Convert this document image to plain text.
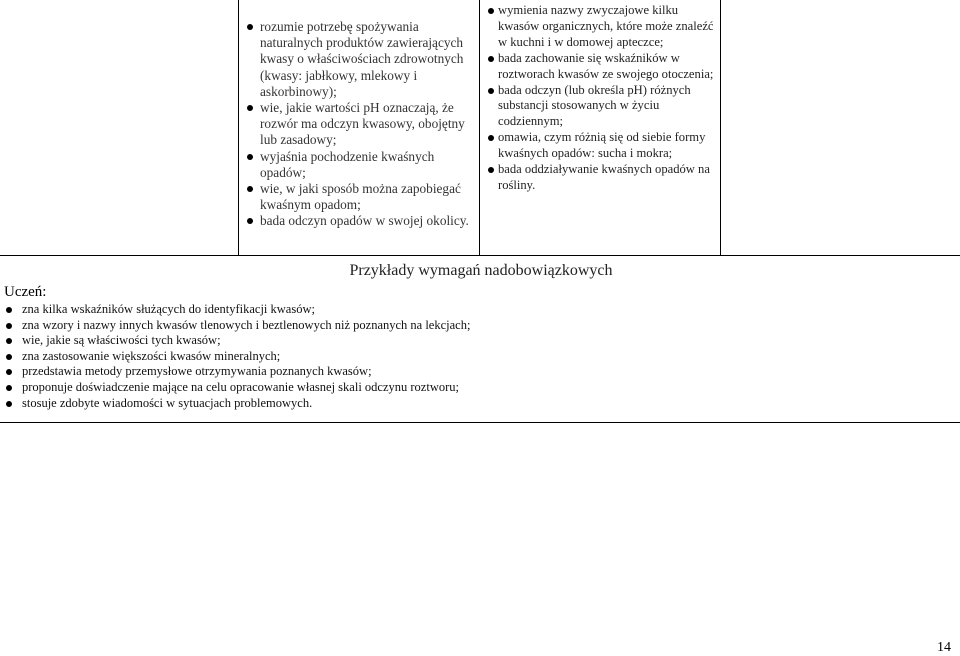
rozumie potrzebę spożywania naturalnych produktów zawierających kwasy o właściwościach zdrowotnych (kwasy: jabłkowy, mlekowy i askorbinowy);
wie, jakie wartości pH oznaczają, że rozwór ma odczyn kwasowy, obojętny lub zasadowy;
wyjaśnia pochodzenie kwaśnych opadów;
wie, w jaki sposób można zapobiegać kwaśnym opadom;
bada odczyn opadów w swojej okolicy.
wymienia nazwy zwyczajowe kilku kwasów organicznych, które może znaleźć w kuchni i w domowej apteczce;
bada zachowanie się wskaźników w roztworach kwasów ze swojego otoczenia;
bada odczyn (lub określa pH) różnych substancji stosowanych w życiu codziennym;
omawia, czym różnią się od siebie formy kwaśnych opadów: sucha i mokra;
bada oddziaływanie kwaśnych opadów na rośliny.
Przykłady wymagań nadobowiązkowych
Uczeń:
zna kilka wskaźników służących do identyfikacji kwasów;
zna wzory i nazwy innych kwasów tlenowych i beztlenowych niż poznanych na lekcjach;
wie, jakie są właściwości tych kwasów;
zna zastosowanie większości kwasów mineralnych;
przedstawia metody przemysłowe otrzymywania poznanych kwasów;
proponuje doświadczenie mające na celu opracowanie własnej skali odczynu roztworu;
stosuje zdobyte wiadomości w sytuacjach problemowych.
14
